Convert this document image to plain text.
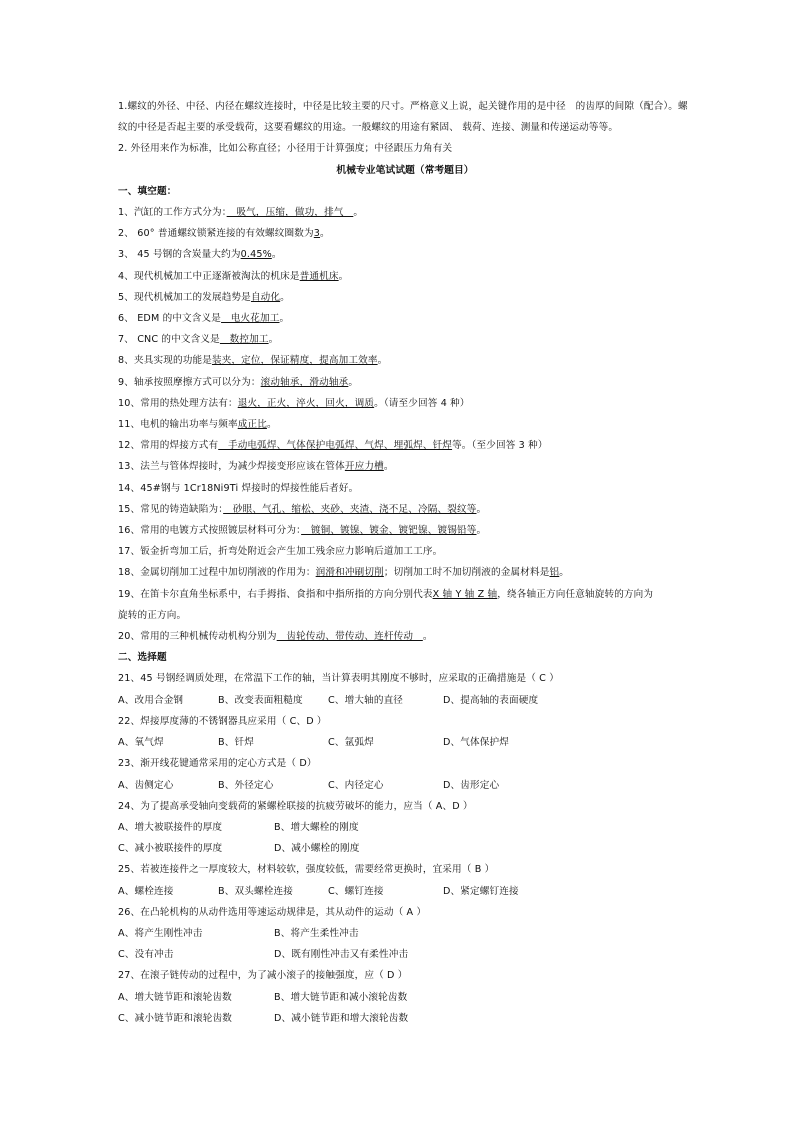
1.螺纹的外径、中径、内径在螺纹连接时，中径是比较主要的尺寸。严格意义上说，起关键作用的是中径　的齿厚的间隙（配合）。螺纹的中径是否起主要的承受载荷，这要看螺纹的用途。一般螺纹的用途有紧固、 载荷、连接、测量和传递运动等等。
2. 外径用来作为标准，比如公称直径；小径用于计算强度；中径跟压力角有关
机械专业笔试试题（常考题目）
一、填空题：
1、汽缸的工作方式分为：　吸气，压缩，做功，排气　。
2、 60° 普通螺纹锁紧连接的有效螺纹圈数为3。
3、 45 号钢的含炭量大约为0.45%。
4、现代机械加工中正逐渐被淘汰的机床是普通机床。
5、现代机械加工的发展趋势是自动化。
6、 EDM 的中文含义是　电火花加工。
7、 CNC 的中文含义是　数控加工。
8、夹具实现的功能是装夹，定位，保证精度，提高加工效率。
9、轴承按照摩擦方式可以分为：滚动轴承，滑动轴承。
10、常用的热处理方法有：退火，正火，淬火，回火，调质。（请至少回答 4 种）
11、电机的输出功率与频率成正比。
12、常用的焊接方式有　手动电弧焊、气体保护电弧焊、气焊、埋弧焊、钎焊等。（至少回答 3 种）
13、法兰与管体焊接时，为减少焊接变形应该在管体开应力槽。
14、45#钢与 1Cr18Ni9Ti 焊接时的焊接性能后者好。
15、常见的铸造缺陷为：　砂眼、气孔、缩松、夹砂、夹渣、浇不足、冷隔、裂纹等。
16、常用的电镀方式按照镀层材料可分为：　镀铜、镀镍、镀金、镀钯镍、镀锡铅等。
17、钣金折弯加工后，折弯处附近会产生加工残余应力影响后道加工工序。
18、金属切削加工过程中加切削液的作用为：润滑和冲刷切削；切削加工时不加切削液的金属材料是铝。
19、在笛卡尔直角坐标系中，右手拇指、食指和中指所指的方向分别代表X 轴 Y 轴 Z 轴，绕各轴正方向任意轴旋转的方向为
旋转的正方向。
20、常用的三种机械传动机构分别为　齿轮传动、带传动、连杆传动　。
二、选择题
21、45 号钢经调质处理，在常温下工作的轴，当计算表明其刚度不够时，应采取的正确措施是（ C ）
A、改用合金钢	B、改变表面粗糙度	C、增大轴的直径	D、提高轴的表面硬度
22、焊接厚度薄的不锈钢器具应采用（ C、D ）
A、氧气焊	B、钎焊	C、氩弧焊	D、气体保护焊
23、渐开线花键通常采用的定心方式是（ D）
A、齿侧定心	B、外径定心	C、内径定心	D、齿形定心
24、为了提高承受轴向变载荷的紧螺栓联接的抗疲劳破坏的能力，应当（ A、D ）
A、增大被联接件的厚度	B、增大螺栓的刚度
C、减小被联接件的厚度	D、减小螺栓的刚度
25、若被连接件之一厚度较大，材料较软，强度较低，需要经常更换时，宜采用（ B ）
A、螺栓连接	B、双头螺栓连接	C、螺钉连接	D、紧定螺钉连接
26、在凸轮机构的从动件选用等速运动规律是，其从动件的运动（ A ）
A、将产生刚性冲击	B、将产生柔性冲击
C、没有冲击	D、既有刚性冲击又有柔性冲击
27、在滚子链传动的过程中，为了减小滚子的接触强度，应（ D ）
A、增大链节距和滚轮齿数	B、增大链节距和减小滚轮齿数
C、减小链节距和滚轮齿数	D、减小链节距和增大滚轮齿数
